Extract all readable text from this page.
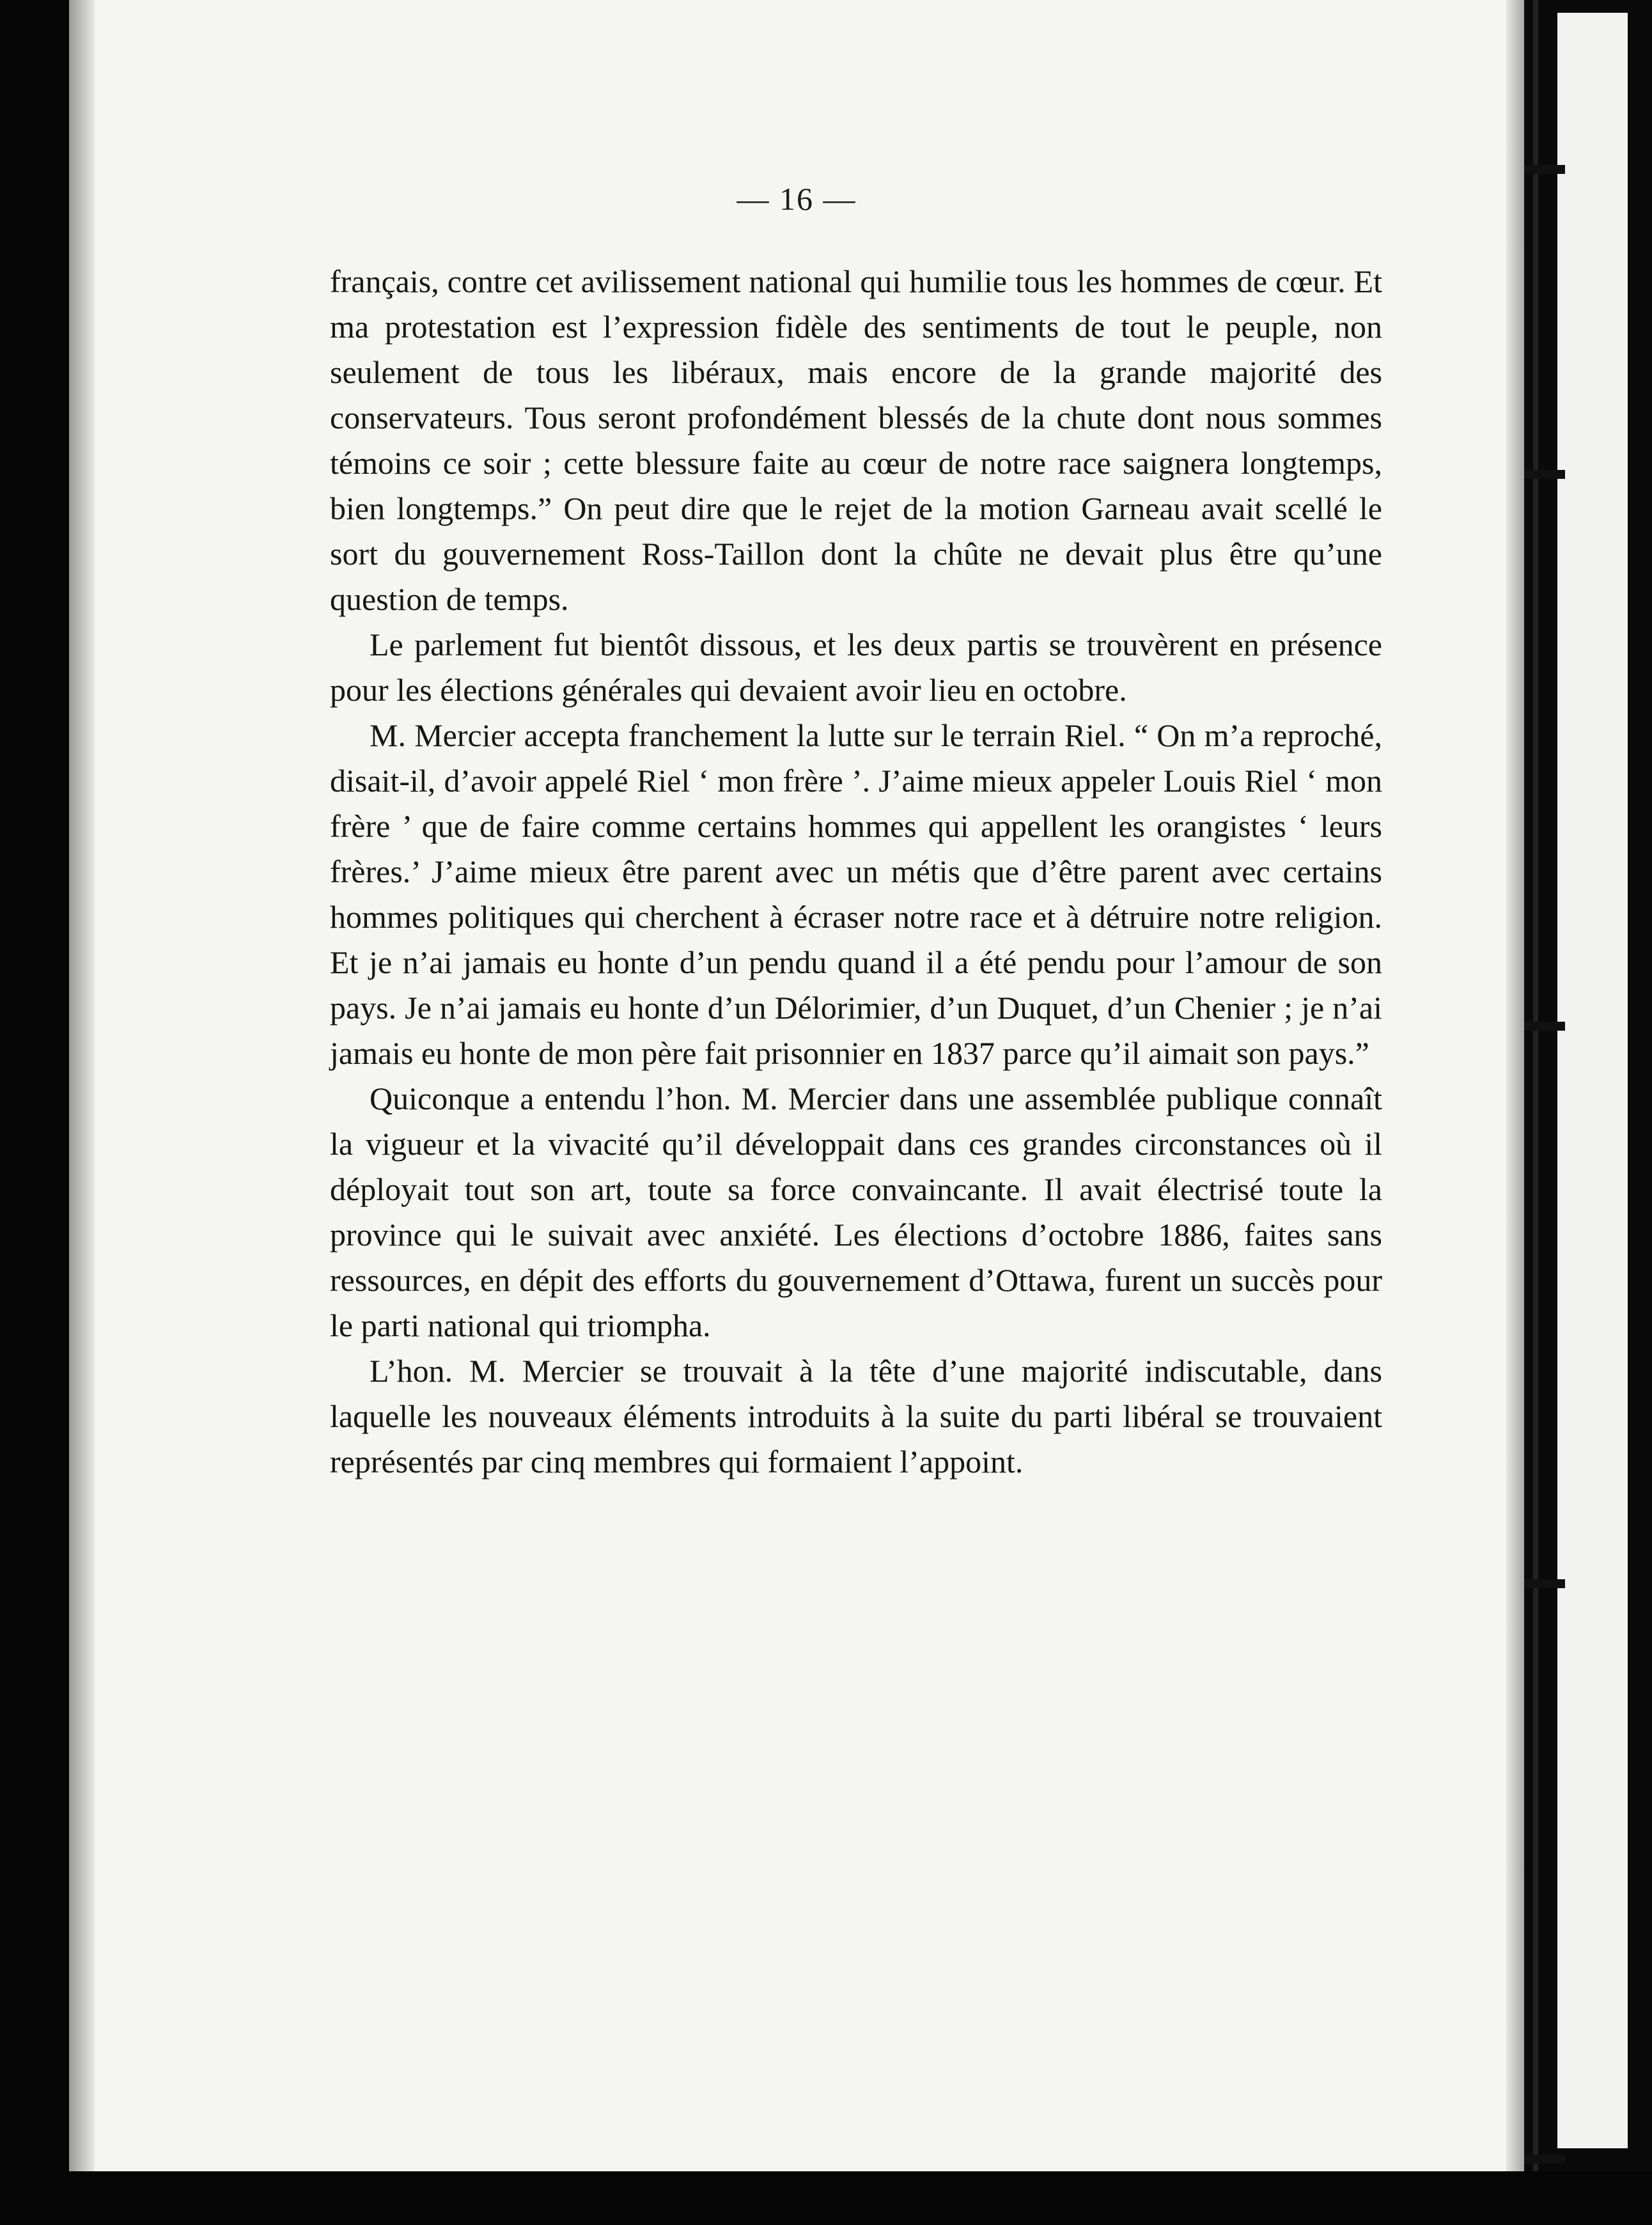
— 16 —

français, contre cet avilissement national qui humilie tous les hommes de cœur. Et ma protestation est l’expression fidèle des sentiments de tout le peuple, non seulement de tous les libéraux, mais encore de la grande majorité des conservateurs. Tous seront profondément blessés de la chute dont nous sommes témoins ce soir ; cette blessure faite au cœur de notre race saignera longtemps, bien longtemps.” On peut dire que le rejet de la motion Garneau avait scellé le sort du gouvernement Ross-Taillon dont la chûte ne devait plus être qu’une question de temps.

Le parlement fut bientôt dissous, et les deux partis se trouvèrent en présence pour les élections générales qui devaient avoir lieu en octobre.

M. Mercier accepta franchement la lutte sur le terrain Riel. “ On m’a reproché, disait-il, d’avoir appelé Riel ‘ mon frère ’. J’aime mieux appeler Louis Riel ‘ mon frère ’ que de faire comme certains hommes qui appellent les orangistes ‘ leurs frères.’ J’aime mieux être parent avec un métis que d’être parent avec certains hommes politiques qui cherchent à écraser notre race et à détruire notre religion. Et je n’ai jamais eu honte d’un pendu quand il a été pendu pour l’amour de son pays. Je n’ai jamais eu honte d’un Délorimier, d’un Duquet, d’un Chenier ; je n’ai jamais eu honte de mon père fait prisonnier en 1837 parce qu’il aimait son pays.”

Quiconque a entendu l’hon. M. Mercier dans une assemblée publique connaît la vigueur et la vivacité qu’il développait dans ces grandes circonstances où il déployait tout son art, toute sa force convaincante. Il avait électrisé toute la province qui le suivait avec anxiété. Les élections d’octobre 1886, faites sans ressources, en dépit des efforts du gouvernement d’Ottawa, furent un succès pour le parti national qui triompha.

L’hon. M. Mercier se trouvait à la tête d’une majorité indiscutable, dans laquelle les nouveaux éléments introduits à la suite du parti libéral se trouvaient représentés par cinq membres qui formaient l’appoint.
